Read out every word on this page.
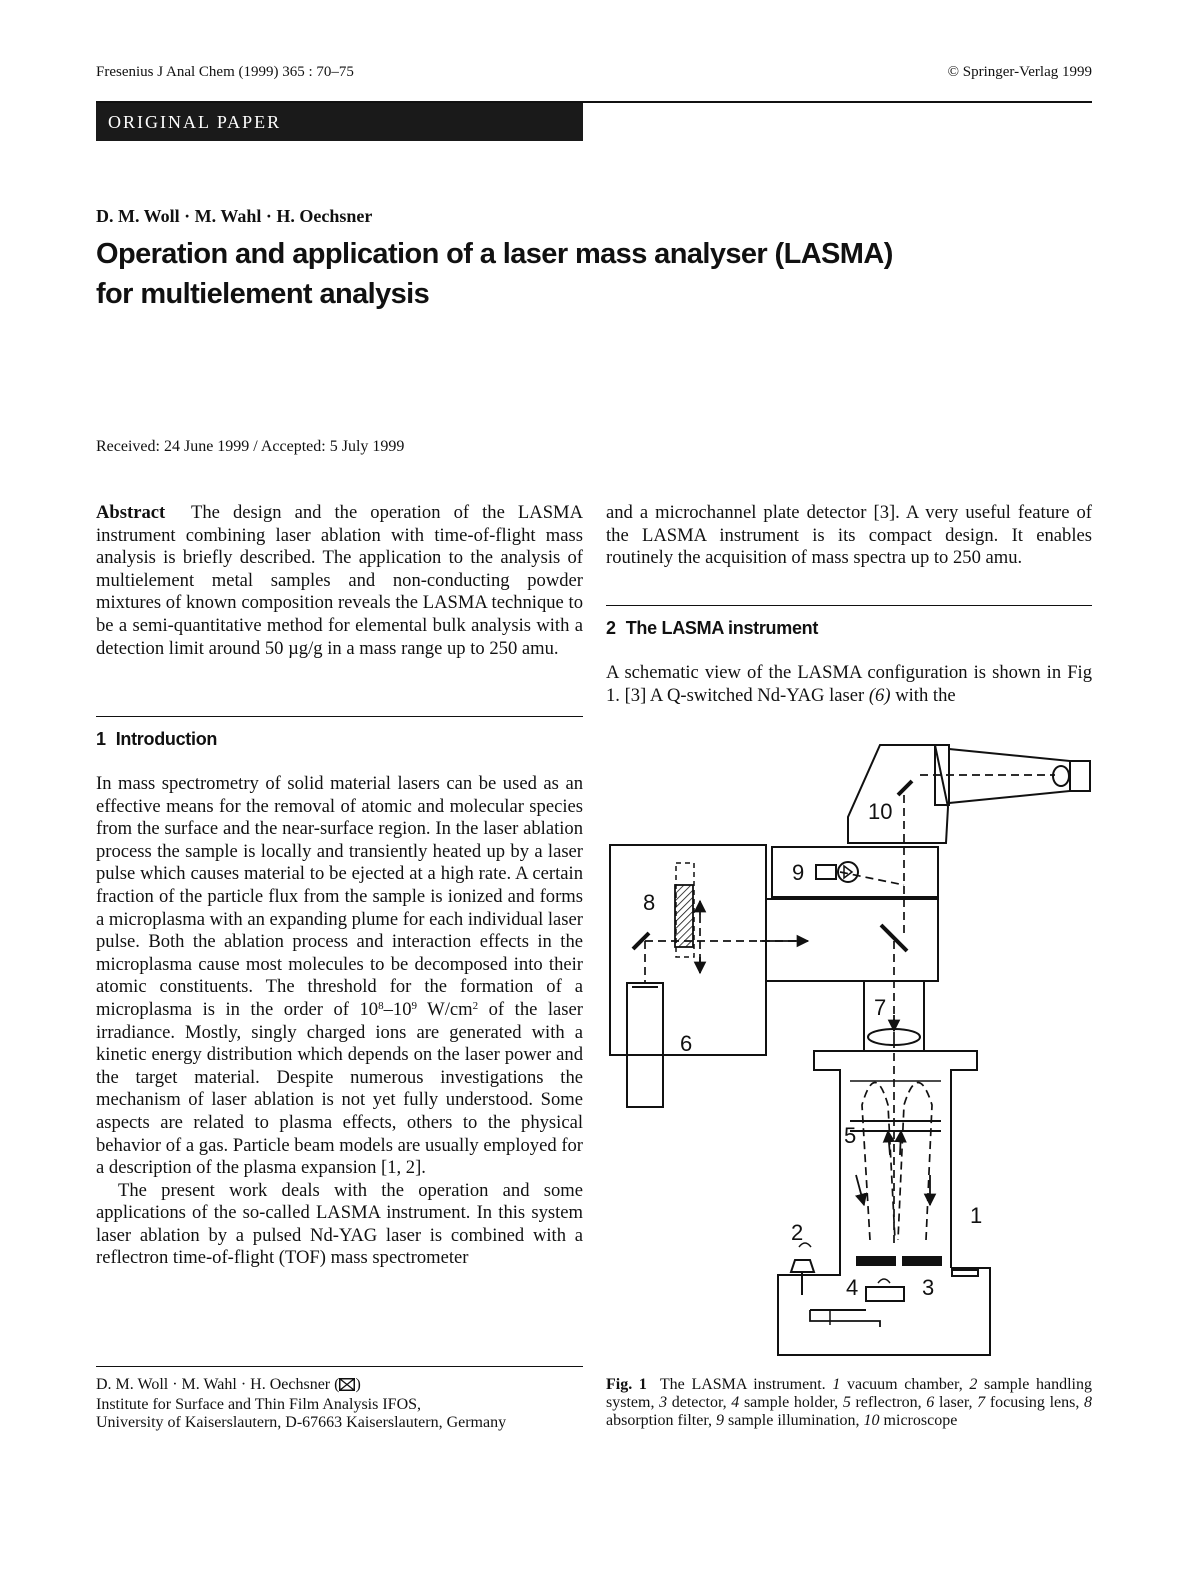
Fresenius J Anal Chem (1999) 365 : 70–75	© Springer-Verlag 1999
ORIGINAL PAPER
D. M. Woll · M. Wahl · H. Oechsner
Operation and application of a laser mass analyser (LASMA)
for multielement analysis
Received: 24 June 1999 / Accepted: 5 July 1999

Abstract The design and the operation of the LASMA instrument combining laser ablation with time-of-flight mass analysis is briefly described. The application to the analysis of multielement metal samples and non-conducting powder mixtures of known composition reveals the LASMA technique to be a semi-quantitative method for elemental bulk analysis with a detection limit around 50 µg/g in a mass range up to 250 amu.

1 Introduction

In mass spectrometry of solid material lasers can be used as an effective means for the removal of atomic and molecular species from the surface and the near-surface region. In the laser ablation process the sample is locally and transiently heated up by a laser pulse which causes material to be ejected at a high rate. A certain fraction of the particle flux from the sample is ionized and forms a microplasma with an expanding plume for each individual laser pulse. Both the ablation process and interaction effects in the microplasma cause most molecules to be decomposed into their atomic constituents. The threshold for the formation of a microplasma is in the order of $10^8-10^9$ $W/cm^2$ of the laser irradiance. Mostly, singly charged ions are generated with a kinetic energy distribution which depends on the laser power and the target material. Despite numerous investigations the mechanism of laser ablation is not yet fully understood. Some aspects are related to plasma effects, others to the physical behavior of a gas. Particle beam models are usually employed for a description of the plasma expansion [1, 2].

The present work deals with the operation and some applications of the so-called LASMA instrument. In this system laser ablation by a pulsed Nd-YAG laser is combined with a reflectron time-of-flight (TOF) mass spectrometer

D. M. Woll · M. Wahl · H. Oechsner ( )
Institute for Surface and Thin Film Analysis IFOS,
University of Kaiserslautern, D-67663 Kaiserslautern, Germany

and a microchannel plate detector [3]. A very useful feature of the LASMA instrument is its compact design. It enables routinely the acquisition of mass spectra up to 250 amu.

2 The LASMA instrument

A schematic view of the LASMA configuration is shown in Fig 1. [3] A Q-switched Nd-YAG laser (6) with the

1
2
3
4
5
6
7
8
9
10
Fig. 1 The LASMA instrument. 1 vacuum chamber, 2 sample handling system, 3 detector, 4 sample holder, 5 reflectron, 6 laser, 7 focusing lens, 8 absorption filter, 9 sample illumination, 10 microscope
